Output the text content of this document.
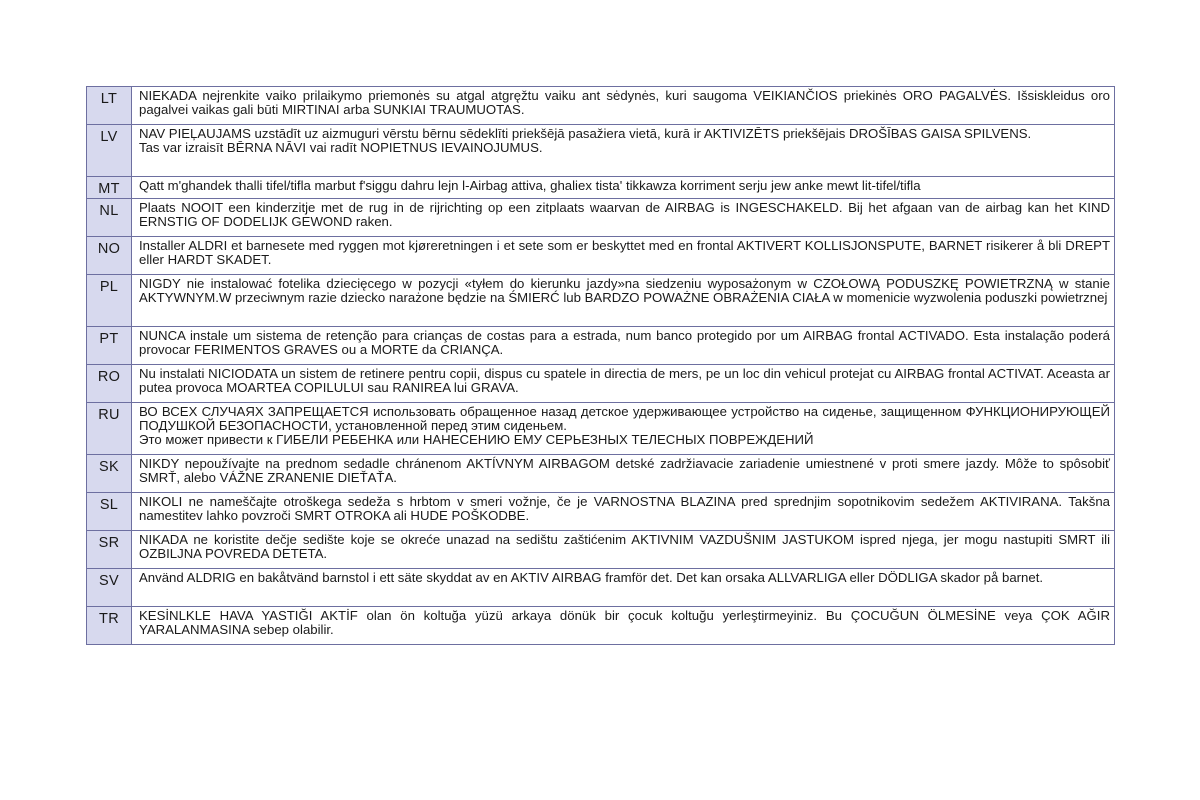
LT	NIEKADA nejrenkite vaiko prilaikymo priemonės su atgal atgręžtu vaiku ant sėdynės, kuri saugoma VEIKIANČIOS priekinės ORO PAGALVĖS. Išsiskleidus oro pagalvei vaikas gali būti MIRTINAI arba SUNKIAI TRAUMUOTAS.

LV	NAV PIEĻAUJAMS uzstādīt uz aizmuguri vērstu bērnu sēdeklīti priekšējā pasažiera vietā, kurā ir AKTIVIZĒTS priekšējais DROŠĪBAS GAISA SPILVENS.
Tas var izraisīt BĒRNA NĀVI vai radīt NOPIETNUS IEVAINOJUMUS.

MT	Qatt m'ghandek thalli tifel/tifla marbut f'siggu dahru lejn l-Airbag attiva, ghaliex tista' tikkawza korriment serju jew anke mewt lit-tifel/tifla

NL	Plaats NOOIT een kinderzitje met de rug in de rijrichting op een zitplaats waarvan de AIRBAG is INGESCHAKELD. Bij het afgaan van de airbag kan het KIND ERNSTIG OF DODELIJK GEWOND raken.

NO	Installer ALDRI et barnesete med ryggen mot kjøreretningen i et sete som er beskyttet med en frontal AKTIVERT KOLLISJONSPUTE, BARNET risikerer å bli DREPT eller HARDT SKADET.

PL	NIGDY nie instalować fotelika dziecięcego w pozycji «tyłem do kierunku jazdy»na siedzeniu wyposażonym w CZOŁOWĄ PODUSZKĘ POWIETRZNĄ w stanie AKTYWNYM.W przeciwnym razie dziecko narażone będzie na ŚMIERĆ lub BARDZO POWAŻNE OBRAŻENIA CIAŁA w momenicie wyzwolenia poduszki powietrznej

PT	NUNCA instale um sistema de retenção para crianças de costas para a estrada, num banco protegido por um AIRBAG frontal ACTIVADO. Esta instalação poderá provocar FERIMENTOS GRAVES ou a MORTE da CRIANÇA.

RO	Nu instalati NICIODATA un sistem de retinere pentru copii, dispus cu spatele in directia de mers, pe un loc din vehicul protejat cu AIRBAG frontal ACTIVAT. Aceasta ar putea provoca MOARTEA COPILULUI sau RANIREA lui GRAVA.

RU	ВО ВСЕХ СЛУЧАЯХ ЗАПРЕЩАЕТСЯ использовать обращенное назад детское удерживающее устройство на сиденье, защищенном ФУНКЦИОНИРУЮЩЕЙ ПОДУШКОЙ БЕЗОПАСНОСТИ, установленной перед этим сиденьем.
Это может привести к ГИБЕЛИ РЕБЕНКА или НАНЕСЕНИЮ ЕМУ СЕРЬЕЗНЫХ ТЕЛЕСНЫХ ПОВРЕЖДЕНИЙ

SK	NIKDY nepoužívajte na prednom sedadle chránenom AKTÍVNYM AIRBAGOM detské zadržiavacie zariadenie umiestnené v proti smere jazdy. Môže to spôsobiť SMRŤ, alebo VÁŽNE ZRANENIE DIEŤAŤA.

SL	NIKOLI ne nameščajte otroškega sedeža s hrbtom v smeri vožnje, če je VARNOSTNA BLAZINA pred sprednjim sopotnikovim sedežem AKTIVIRANA. Takšna namestitev lahko povzroči SMRT OTROKA ali HUDE POŠKODBE.

SR	NIKADA ne koristite dečje sedište koje se okreće unazad na sedištu zaštićenim AKTIVNIM VAZDUŠNIM JASTUKOM ispred njega, jer mogu nastupiti SMRT ili OZBILJNA POVREDA DETETA.

SV	Använd ALDRIG en bakåtvänd barnstol i ett säte skyddat av en AKTIV AIRBAG framför det. Det kan orsaka ALLVARLIGA eller DÖDLIGA skador på barnet.

TR	KESİNLKLE HAVA YASTIĞI AKTİF olan ön koltuğa yüzü arkaya dönük bir çocuk koltuğu yerleştirmeyiniz. Bu ÇOCUĞUN ÖLMESİNE veya ÇOK AĞIR YARALANMASINA sebep olabilir.
